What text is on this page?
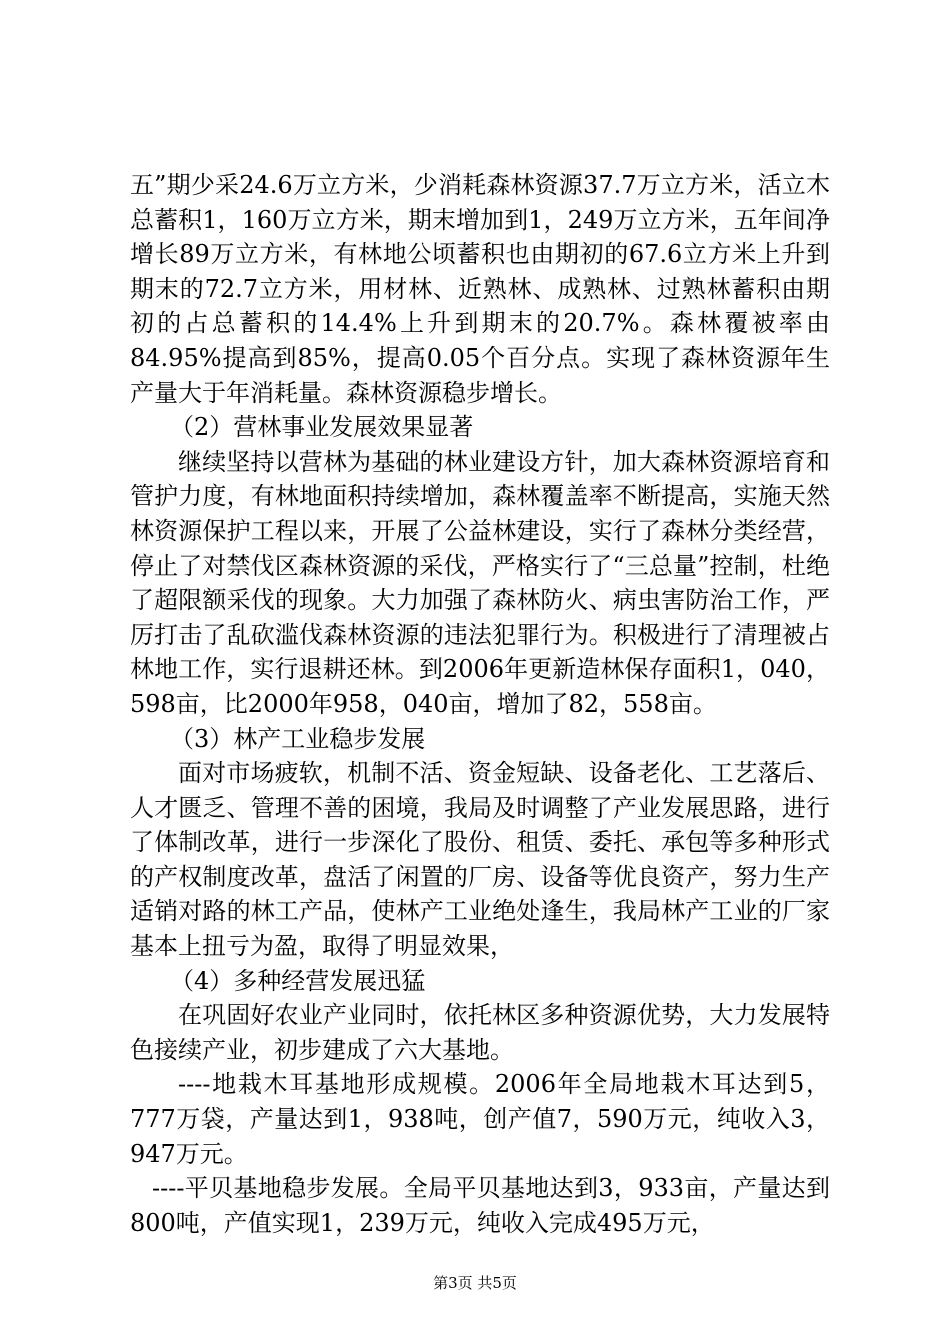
五”期少采24.6万立方米，少消耗森林资源37.7万立方米，活立木总蓄积1，160万立方米，期末增加到1，249万立方米，五年间净增长89万立方米，有林地公顷蓄积也由期初的67.6立方米上升到期末的72.7立方米，用材林、近熟林、成熟林、过熟林蓄积由期初的占总蓄积的14.4%上升到期末的20.7%。森林覆被率由84.95%提高到85%，提高0.05个百分点。实现了森林资源年生产量大于年消耗量。森林资源稳步增长。

（2）营林事业发展效果显著

继续坚持以营林为基础的林业建设方针，加大森林资源培育和管护力度，有林地面积持续增加，森林覆盖率不断提高，实施天然林资源保护工程以来，开展了公益林建设，实行了森林分类经营，停止了对禁伐区森林资源的采伐，严格实行了“三总量”控制，杜绝了超限额采伐的现象。大力加强了森林防火、病虫害防治工作，严厉打击了乱砍滥伐森林资源的违法犯罪行为。积极进行了清理被占林地工作，实行退耕还林。到2006年更新造林保存面积1，040，598亩，比2000年958，040亩，增加了82，558亩。

（3）林产工业稳步发展

面对市场疲软，机制不活、资金短缺、设备老化、工艺落后、人才匮乏、管理不善的困境，我局及时调整了产业发展思路，进行了体制改革，进行一步深化了股份、租赁、委托、承包等多种形式的产权制度改革，盘活了闲置的厂房、设备等优良资产，努力生产适销对路的林工产品，使林产工业绝处逢生，我局林产工业的厂家基本上扭亏为盈，取得了明显效果，

（4）多种经营发展迅猛

在巩固好农业产业同时，依托林区多种资源优势，大力发展特色接续产业，初步建成了六大基地。

----地栽木耳基地形成规模。2006年全局地栽木耳达到5，777万袋，产量达到1，938吨，创产值7，590万元，纯收入3，947万元。

----平贝基地稳步发展。全局平贝基地达到3，933亩，产量达到800吨，产值实现1，239万元，纯收入完成495万元，

第3页 共5页
